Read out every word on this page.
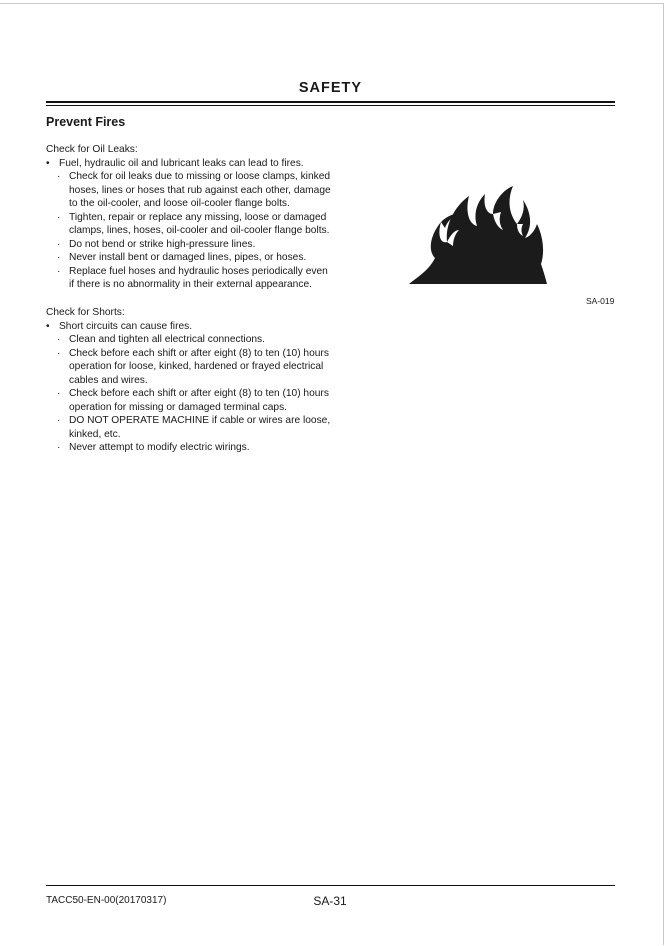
SAFETY
Prevent Fires

Check for Oil Leaks:

• Fuel, hydraulic oil and lubricant leaks can lead to fires.
· Check for oil leaks due to missing or loose clamps, kinked
hoses, lines or hoses that rub against each other, damage
to the oil-cooler, and loose oil-cooler flange bolts.
· Tighten, repair or replace any missing, loose or damaged
clamps, lines, hoses, oil-cooler and oil-cooler flange bolts.
· Do not bend or strike high-pressure lines.
· Never install bent or damaged lines, pipes, or hoses.
· Replace fuel hoses and hydraulic hoses periodically even
if there is no abnormality in their external appearance.

Check for Shorts:

• Short circuits can cause fires.
· Clean and tighten all electrical connections.
· Check before each shift or after eight (8) to ten (10) hours
operation for loose, kinked, hardened or frayed electrical
cables and wires.
· Check before each shift or after eight (8) to ten (10) hours
operation for missing or damaged terminal caps.
· DO NOT OPERATE MACHINE if cable or wires are loose,
kinked, etc.
· Never attempt to modify electric wirings.
SA-019
TACC50-EN-00(20170317)	SA-31
